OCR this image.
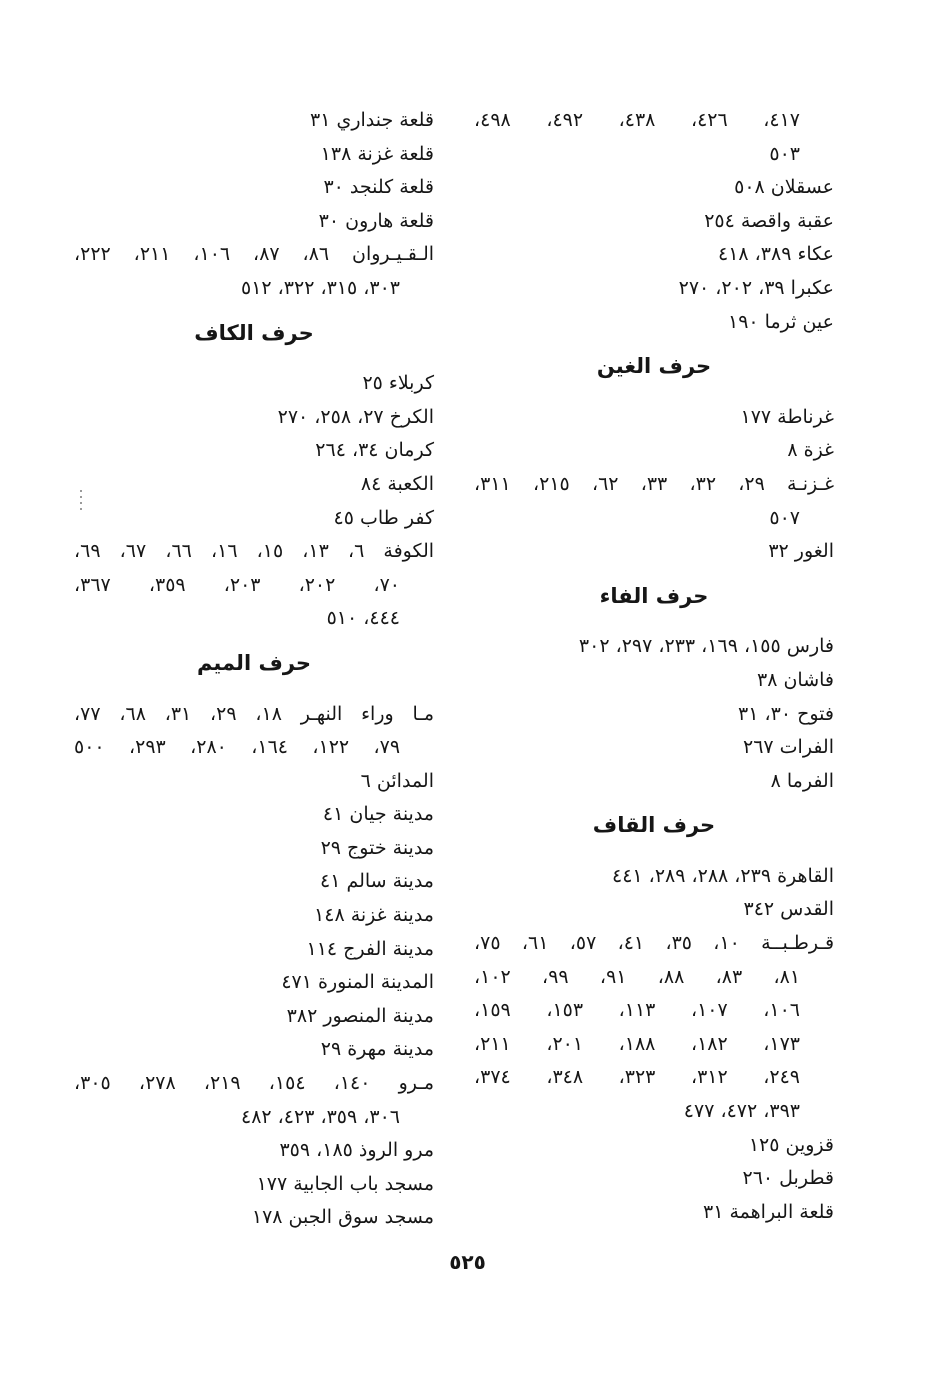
٤١٧، ٤٢٦، ٤٣٨، ٤٩٢، ٤٩٨،
٥٠٣
عسقلان ٥٠٨
عقبة واقصة ٢٥٤
عكاء ٣٨٩، ٤١٨
عكبرا ٣٩، ٢٠٢، ٢٧٠
عين ثرما ١٩٠
حرف الغين
غرناطة ١٧٧
غزة ٨
غـزنـة ٢٩، ٣٢، ٣٣، ٦٢، ٢١٥، ٣١١،
٥٠٧
الغور ٣٢
حرف الفاء
فارس ١٥٥، ١٦٩، ٢٣٣، ٢٩٧، ٣٠٢
فاشان ٣٨
فتوح ٣٠، ٣١
الفرات ٢٦٧
الفرما ٨
حرف القاف
القاهرة ٢٣٩، ٢٨٨، ٢٨٩، ٤٤١
القدس ٣٤٢
قـرطـبــة ١٠، ٣٥، ٤١، ٥٧، ٦١، ٧٥،
٨١، ٨٣، ٨٨، ٩١، ٩٩، ١٠٢،
١٠٦، ١٠٧، ١١٣، ١٥٣، ١٥٩،
١٧٣، ١٨٢، ١٨٨، ٢٠١، ٢١١،
٢٤٩، ٣١٢، ٣٢٣، ٣٤٨، ٣٧٤،
٣٩٣، ٤٧٢، ٤٧٧
قزوين ١٢٥
قطربل ٢٦٠
قلعة البراهمة ٣١
قلعة جنداري ٣١
قلعة غزنة ١٣٨
قلعة كلنجد ٣٠
قلعة هارون ٣٠
الـقـيـروان ٨٦، ٨٧، ١٠٦، ٢١١، ٢٢٢،
٣٠٣، ٣١٥، ٣٢٢، ٥١٢
حرف الكاف
كربلاء ٢٥
الكرخ ٢٧، ٢٥٨، ٢٧٠
كرمان ٣٤، ٢٦٤
الكعبة ٨٤
كفر طاب ٤٥
الكوفة ٦، ١٣، ١٥، ١٦، ٦٦، ٦٧، ٦٩،
٧٠، ٢٠٢، ٢٠٣، ٣٥٩، ٣٦٧،
٤٤٤، ٥١٠
حرف الميم
مـا وراء النهـر ١٨، ٢٩، ٣١، ٦٨، ٧٧،
٧٩، ١٢٢، ١٦٤، ٢٨٠، ٢٩٣، ٥٠٠
المدائن ٦
مدينة جيان ٤١
مدينة ختوج ٢٩
مدينة سالم ٤١
مدينة غزنة ١٤٨
مدينة الفرج ١١٤
المدينة المنورة ٤٧١
مدينة المنصور ٣٨٢
مدينة مهرة ٢٩
مـرو ١٤٠، ١٥٤، ٢١٩، ٢٧٨، ٣٠٥،
٣٠٦، ٣٥٩، ٤٢٣، ٤٨٢
مرو الروذ ١٨٥، ٣٥٩
مسجد باب الجابية ١٧٧
مسجد سوق الجبن ١٧٨
٥٢٥
